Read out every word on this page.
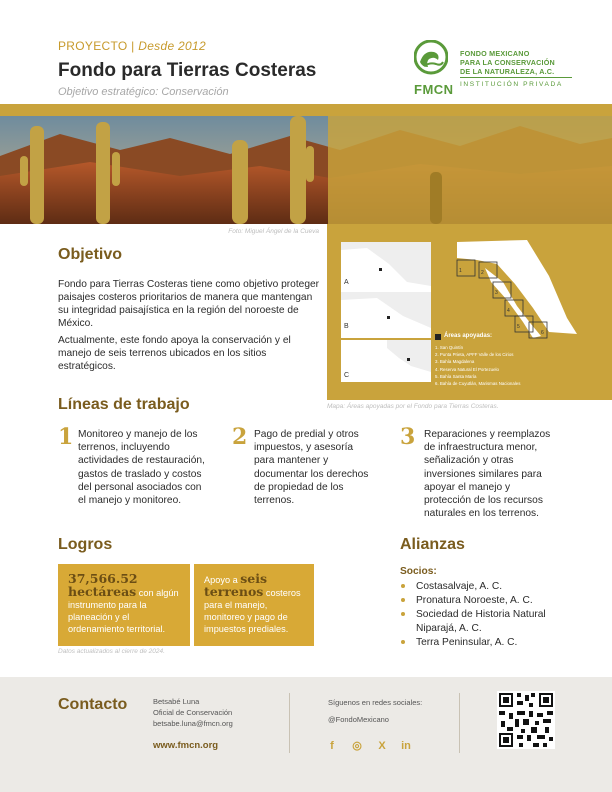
PROYECTO | Desde 2012
Fondo para Tierras Costeras
Objetivo estratégico: Conservación	FMCN
FONDO MEXICANO
PARA LA CONSERVACIÓN
DE LA NATURALEZA, A.C.
INSTITUCIÓN PRIVADA
Foto: Miguel Ángel de la Cueva
Objetivo
Fondo para Tierras Costeras tiene como objetivo proteger paisajes costeros prioritarios de manera que mantengan su integridad paisajística en la región del noroeste de México.
Actualmente, este fondo apoya la conservación y el manejo de seis terrenos ubicados en los sitios estratégicos.
A
B
C
1	2
3
4
5
6
Áreas apoyadas:
1. San Quintín
2. Punta Prieta, APFF Valle de los Cirios
3. Bahía Magdalena
4. Reserva Natural El Portezuelo
5. Bahía Santa María
6. Bahía de Cuyutlán, Marismas Nacionales
Mapa: Áreas apoyadas por el Fondo para Tierras Costeras.
Líneas de trabajo
1 Monitoreo y manejo de los terrenos, incluyendo actividades de restauración, gastos de traslado y costos del personal asociados con el manejo y monitoreo.
2 Pago de predial y otros impuestos, y asesoría para mantener y documentar los derechos de propiedad de los terrenos.
3 Reparaciones y reemplazos de infraestructura menor, señalización y otras inversiones similares para apoyar el manejo y protección de los recursos naturales en los terrenos.
Logros
37,566.52 hectáreas con algún instrumento para la planeación y el ordenamiento territorial.
Apoyo a seis terrenos costeros para el manejo, monitoreo y pago de impuestos prediales.
Datos actualizados al cierre de 2024.
Alianzas
Socios:
Costasalvaje, A. C.
Pronatura Noroeste, A. C.
Sociedad de Historia Natural Niparajá, A. C.
Terra Peninsular, A. C.
Contacto	Betsabé Luna
Oficial de Conservación
betsabe.luna@fmcn.org
www.fmcn.org
Síguenos en redes sociales:
@FondoMexicano
f	◎	X	in
